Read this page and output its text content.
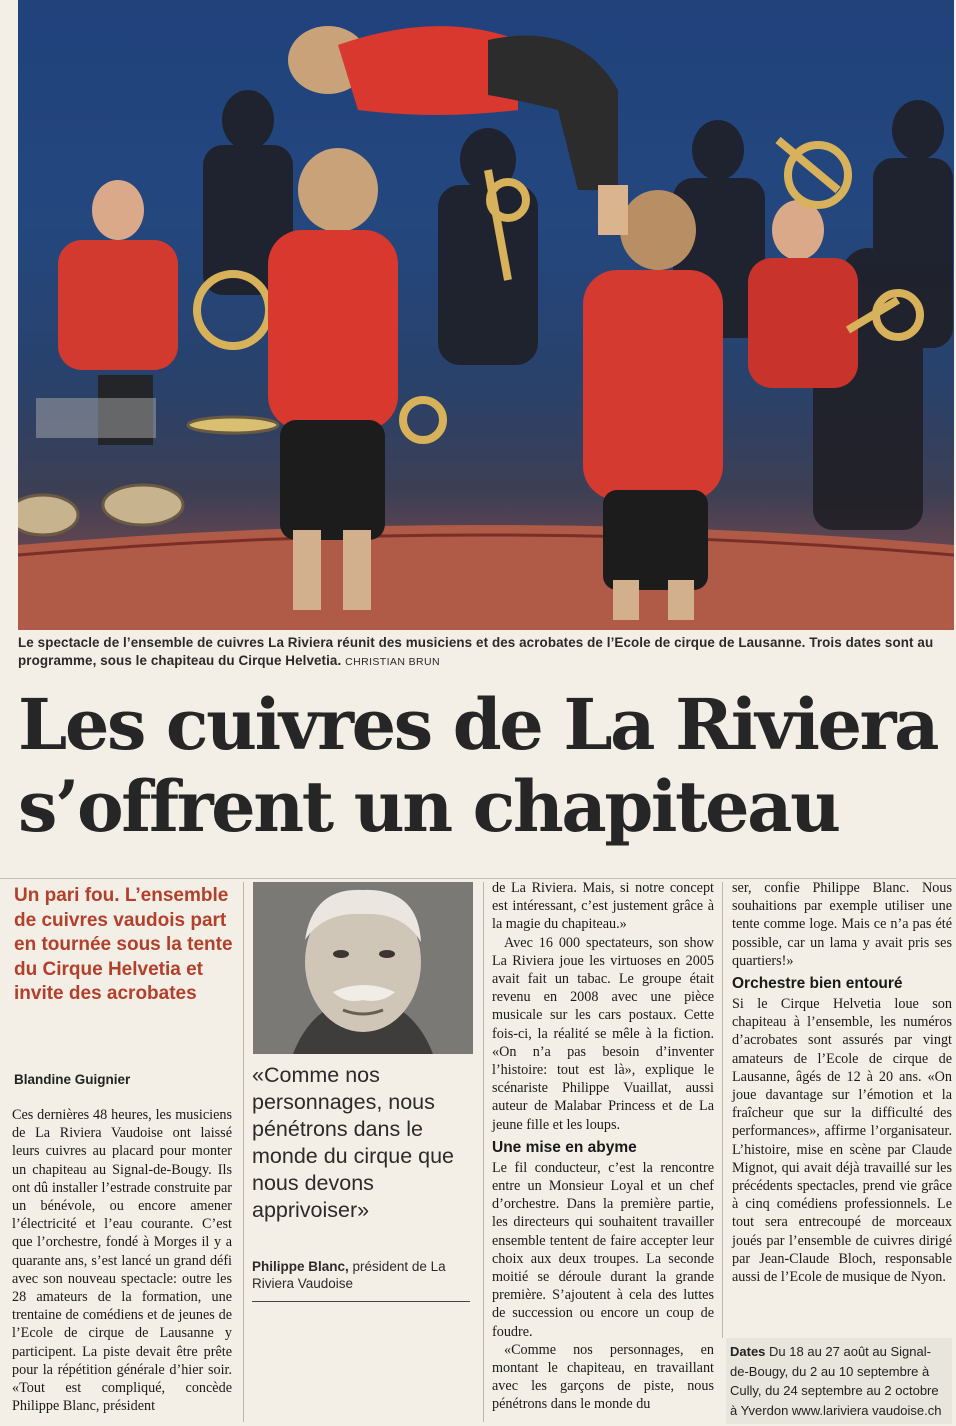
Le spectacle de l’ensemble de cuivres La Riviera réunit des musiciens et des acrobates de l’Ecole de cirque de Lausanne. Trois dates sont au programme, sous le chapiteau du Cirque Helvetia. CHRISTIAN BRUN
Les cuivres de La Riviera
s’offrent un chapiteau
Un pari fou. L’ensemble de cuivres vaudois part en tournée sous la tente du Cirque Helvetia et invite des acrobates
Blandine Guignier

Ces dernières 48 heures, les musiciens de La Riviera Vaudoise ont laissé leurs cuivres au placard pour monter un chapiteau au Signal-de-Bougy. Ils ont dû installer l’estrade construite par un bénévole, ou encore amener l’électricité et l’eau courante. C’est que l’orchestre, fondé à Morges il y a quarante ans, s’est lancé un grand défi avec son nouveau spectacle: outre les 28 amateurs de la formation, une trentaine de comédiens et de jeunes de l’Ecole de cirque de Lausanne y participent. La piste devait être prête pour la répétition générale d’hier soir. «Tout est compliqué, concède Philippe Blanc, président

«Comme nos personnages, nous pénétrons dans le monde du cirque que nous devons apprivoiser»
Philippe Blanc, président de La Riviera Vaudoise

de La Riviera. Mais, si notre concept est intéressant, c’est justement grâce à la magie du chapiteau.»

Avec 16 000 spectateurs, son show La Riviera joue les virtuoses en 2005 avait fait un tabac. Le groupe était revenu en 2008 avec une pièce musicale sur les cars postaux. Cette fois-ci, la réalité se mêle à la fiction. «On n’a pas besoin d’inventer l’histoire: tout est là», explique le scénariste Philippe Vuaillat, aussi auteur de Malabar Princess et de La jeune fille et les loups.

Une mise en abyme

Le fil conducteur, c’est la rencontre entre un Monsieur Loyal et un chef d’orchestre. Dans la première partie, les directeurs qui souhaitent travailler ensemble tentent de faire accepter leur choix aux deux troupes. La seconde moitié se déroule durant la grande première. S’ajoutent à cela des luttes de succession ou encore un coup de foudre.

«Comme nos personnages, en montant le chapiteau, en travaillant avec les garçons de piste, nous pénétrons dans le monde du

ser, confie Philippe Blanc. Nous souhaitions par exemple utiliser une tente comme loge. Mais ce n’a pas été possible, car un lama y avait pris ses quartiers!»

Orchestre bien entouré

Si le Cirque Helvetia loue son chapiteau à l’ensemble, les numéros d’acrobates sont assurés par vingt amateurs de l’Ecole de cirque de Lausanne, âgés de 12 à 20 ans. «On joue davantage sur l’émotion et la fraîcheur que sur la difficulté des performances», affirme l’organisateur. L’histoire, mise en scène par Claude Mignot, qui avait déjà travaillé sur les précédents spectacles, prend vie grâce à cinq comédiens professionnels. Le tout sera entrecoupé de morceaux joués par l’ensemble de cuivres dirigé par Jean-Claude Bloch, responsable aussi de l’Ecole de musique de Nyon.

Dates Du 18 au 27 août au Signal-de-Bougy, du 2 au 10 septembre à Cully, du 24 septembre au 2 octobre à Yverdon www.lariviera vaudoise.ch
